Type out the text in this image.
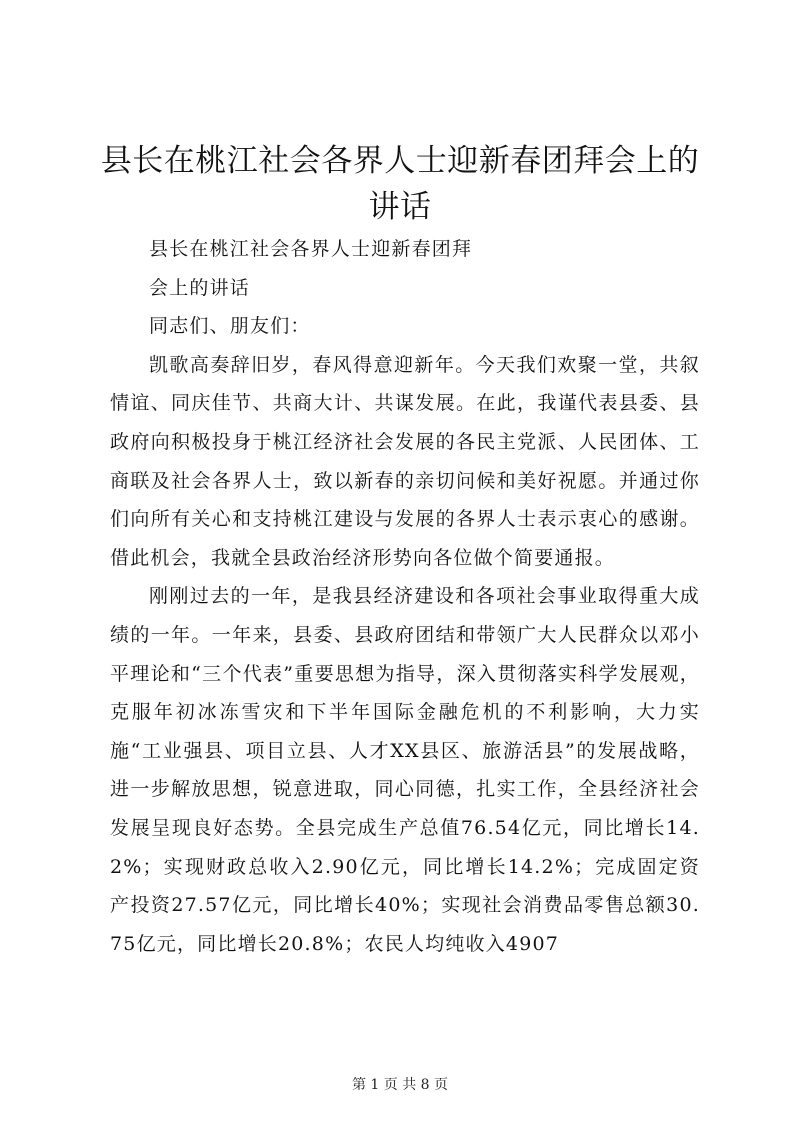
县长在桃江社会各界人士迎新春团拜会上的讲话

县长在桃江社会各界人士迎新春团拜

会上的讲话

同志们、朋友们：

凯歌高奏辞旧岁，春风得意迎新年。今天我们欢聚一堂，共叙情谊、同庆佳节、共商大计、共谋发展。在此，我谨代表县委、县政府向积极投身于桃江经济社会发展的各民主党派、人民团体、工商联及社会各界人士，致以新春的亲切问候和美好祝愿。并通过你们向所有关心和支持桃江建设与发展的各界人士表示衷心的感谢。借此机会，我就全县政治经济形势向各位做个简要通报。

刚刚过去的一年，是我县经济建设和各项社会事业取得重大成绩的一年。一年来，县委、县政府团结和带领广大人民群众以邓小平理论和“三个代表”重要思想为指导，深入贯彻落实科学发展观，克服年初冰冻雪灾和下半年国际金融危机的不利影响，大力实施“工业强县、项目立县、人才XX县区、旅游活县”的发展战略，进一步解放思想，锐意进取，同心同德，扎实工作，全县经济社会发展呈现良好态势。全县完成生产总值76.54亿元，同比增长14.2%；实现财政总收入2.90亿元，同比增长14.2%；完成固定资产投资27.57亿元，同比增长40%；实现社会消费品零售总额30.75亿元，同比增长20.8%；农民人均纯收入4907

第 1 页 共 8 页
